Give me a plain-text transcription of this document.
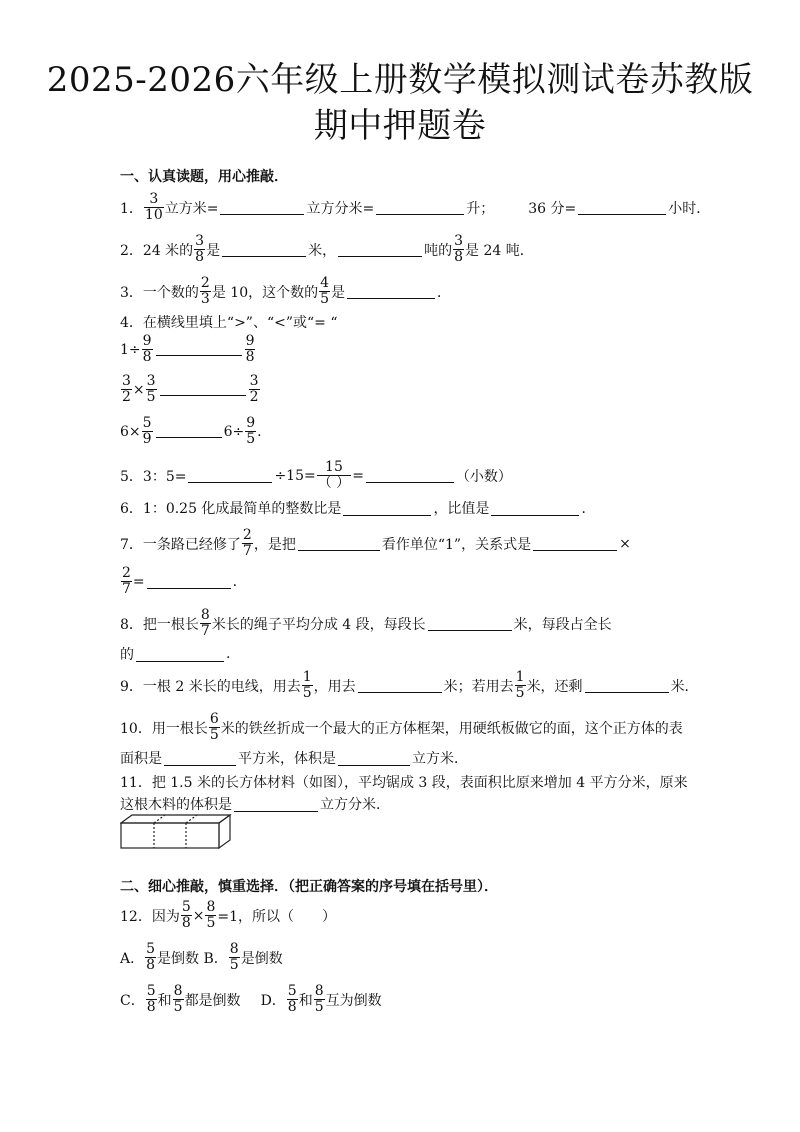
2025-2026六年级上册数学模拟测试卷苏教版
期中押题卷
一、认真读题，用心推敲．
1． $\frac{3}{10}$ 立方米=	立方分米=	升； 36 分=	小时．
2．24 米的 $\frac{3}{8}$ 是	米，	吨的 $\frac{3}{8}$ 是 24 吨．
3．一个数的 $\frac{2}{3}$ 是 10，这个数的 $\frac{4}{5}$ 是	．
4．在横线里填上“>”、“<”或“= “
$1\div \frac{9}{8}$	$\frac{9}{8}$
$\frac{3}{2} \times \frac{3}{5}$	$\frac{3}{2}$
$6\times \frac{5}{9}$	$6\div \frac{9}{5}$ .
5．3：5=	$\div 15= \frac{15}{( )}$ =	（小数）
6．1：0.25 化成最简单的整数比是	，比值是	．
7．一条路已经修了 $\frac{2}{7}$ ，是把	看作单位“1”，关系式是	×
$\frac{2}{7}$ =	.
8．把一根长 $\frac{8}{7}$ 米长的绳子平均分成 4 段，每段长	米，每段占全长
的	.
9．一根 2 米长的电线，用去 $\frac{1}{5}$ ，用去	米；若用去 $\frac{1}{5}$ 米，还剩	米．
10．用一根长 $\frac{6}{5}$ 米的铁丝折成一个最大的正方体框架，用硬纸板做它的面，这个正方体的表
面积是	平方米，体积是	立方米．
11．把 1.5 米的长方体材料（如图），平均锯成 3 段，表面积比原来增加 4 平方分米，原来
这根木料的体积是	立方分米．
二、细心推敲，慎重选择．（把正确答案的序号填在括号里）．
12．因为 $\frac{5}{8} \times \frac{8}{5} =1$，所以（　　）
A． $\frac{5}{8}$ 是倒数 B． $\frac{8}{5}$ 是倒数
C． $\frac{5}{8}$ 和 $\frac{8}{5}$ 都是倒数 D． $\frac{5}{8}$ 和 $\frac{8}{5}$ 互为倒数
